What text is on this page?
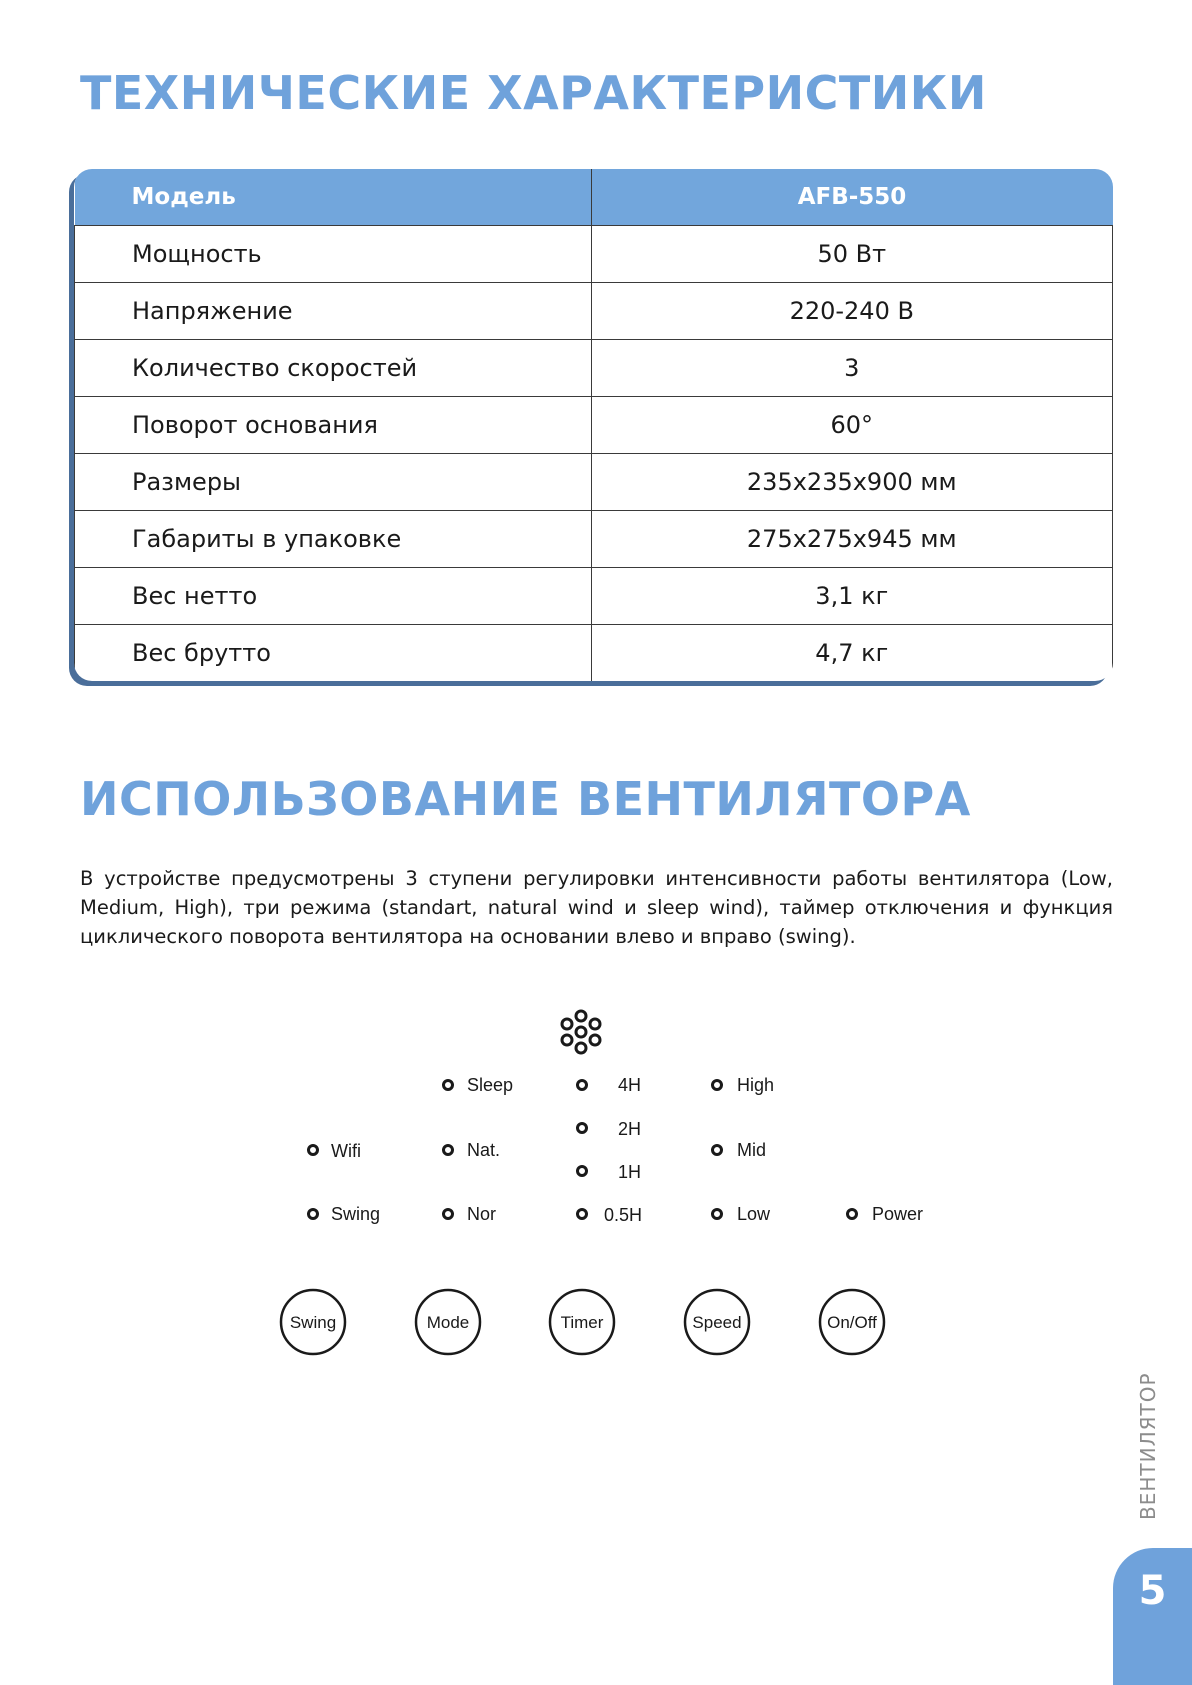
ТЕХНИЧЕСКИЕ ХАРАКТЕРИСТИКИ
Модель	AFB-550
Мощность	50 Вт
Напряжение	220-240 В
Количество скоростей	3
Поворот основания	60°
Размеры	235х235х900 мм
Габариты в упаковке	275х275х945 мм
Вес нетто	3,1 кг
Вес брутто	4,7 кг
ИСПОЛЬЗОВАНИЕ ВЕНТИЛЯТОРА

В устройстве предусмотрены 3 ступени регулировки интенсивности работы вентилятора (Low, Medium, High), три режима (standart, natural wind и sleep wind), таймер отключения и функция циклического поворота вентилятора на основании влево и вправо (swing).

Sleep
Nat.
Nor
Wifi
Swing
4H
2H
1H
0.5H
High
Mid
Low	Power
Swing	Mode	Timer	Speed	On/Off
ВЕНТИЛЯТОР
5
